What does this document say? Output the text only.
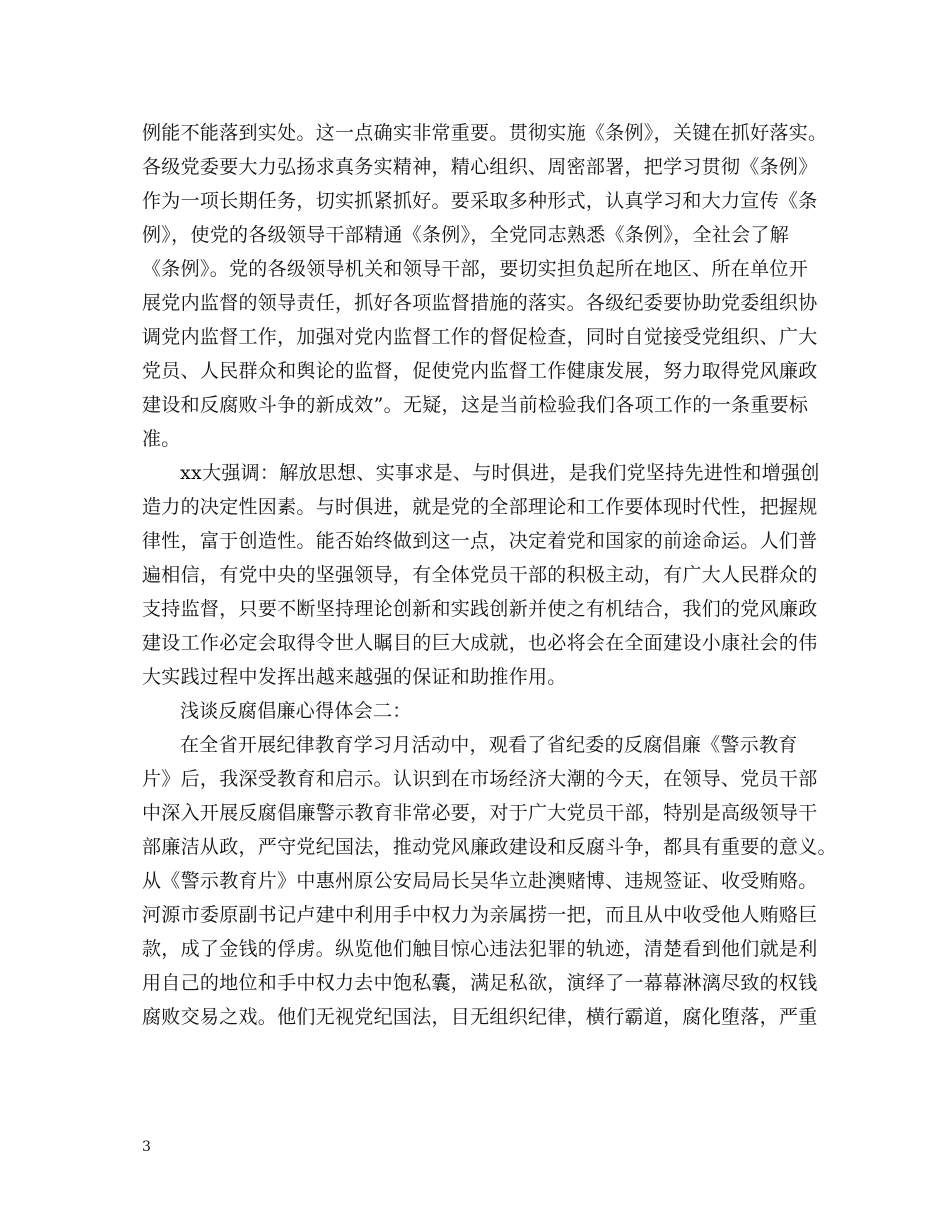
例能不能落到实处。这一点确实非常重要。贯彻实施《条例》，关键在抓好落实。
各级党委要大力弘扬求真务实精神，精心组织、周密部署，把学习贯彻《条例》
作为一项长期任务，切实抓紧抓好。要采取多种形式，认真学习和大力宣传《条
例》，使党的各级领导干部精通《条例》，全党同志熟悉《条例》，全社会了解
《条例》。党的各级领导机关和领导干部，要切实担负起所在地区、所在单位开
展党内监督的领导责任，抓好各项监督措施的落实。各级纪委要协助党委组织协
调党内监督工作，加强对党内监督工作的督促检查，同时自觉接受党组织、广大
党员、人民群众和舆论的监督，促使党内监督工作健康发展，努力取得党风廉政
建设和反腐败斗争的新成效”。无疑，这是当前检验我们各项工作的一条重要标
准。
xx大强调：解放思想、实事求是、与时俱进，是我们党坚持先进性和增强创
造力的决定性因素。与时俱进，就是党的全部理论和工作要体现时代性，把握规
律性，富于创造性。能否始终做到这一点，决定着党和国家的前途命运。人们普
遍相信，有党中央的坚强领导，有全体党员干部的积极主动，有广大人民群众的
支持监督，只要不断坚持理论创新和实践创新并使之有机结合，我们的党风廉政
建设工作必定会取得令世人瞩目的巨大成就，也必将会在全面建设小康社会的伟
大实践过程中发挥出越来越强的保证和助推作用。
浅谈反腐倡廉心得体会二：
在全省开展纪律教育学习月活动中，观看了省纪委的反腐倡廉《警示教育
片》后，我深受教育和启示。认识到在市场经济大潮的今天，在领导、党员干部
中深入开展反腐倡廉警示教育非常必要，对于广大党员干部，特别是高级领导干
部廉洁从政，严守党纪国法，推动党风廉政建设和反腐斗争，都具有重要的意义。
从《警示教育片》中惠州原公安局局长吴华立赴澳赌博、违规签证、收受贿赂。
河源市委原副书记卢建中利用手中权力为亲属捞一把，而且从中收受他人贿赂巨
款，成了金钱的俘虏。纵览他们触目惊心违法犯罪的轨迹，清楚看到他们就是利
用自己的地位和手中权力去中饱私囊，满足私欲，演绎了一幕幕淋漓尽致的权钱
腐败交易之戏。他们无视党纪国法，目无组织纪律，横行霸道，腐化堕落，严重
3
